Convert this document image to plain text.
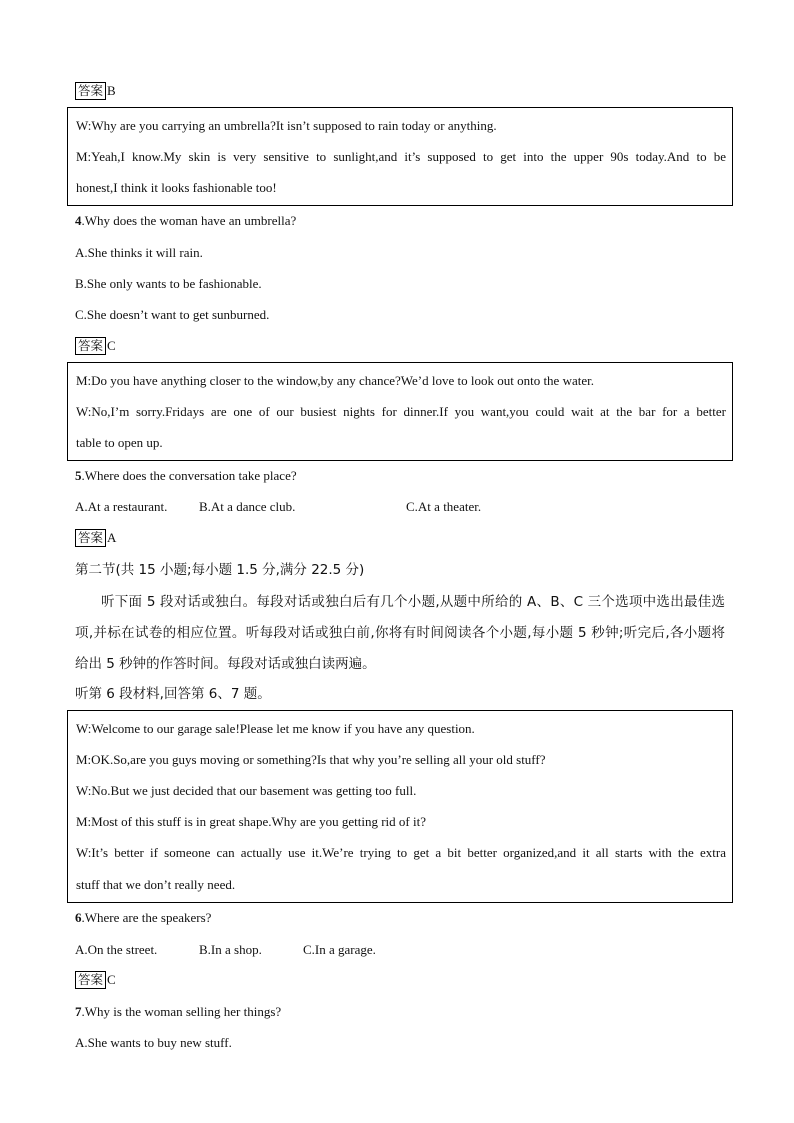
答案 B
W:Why are you carrying an umbrella?It isn’t supposed to rain today or anything.
M:Yeah,I know.My skin is very sensitive to sunlight,and it’s supposed to get into the upper 90s today.And to be
honest,I think it looks fashionable too!
4.Why does the woman have an umbrella?
A.She thinks it will rain.
B.She only wants to be fashionable.
C.She doesn’t want to get sunburned.
答案 C
M:Do you have anything closer to the window,by any chance?We’d love to look out onto the water.
W:No,I’m sorry.Fridays are one of our busiest nights for dinner.If you want,you could wait at the bar for a better
table to open up.
5.Where does the conversation take place?
A.At a restaurant. B.At a dance club.	C.At a theater.
答案 A
第二节(共 15 小题;每小题 1.5 分,满分 22.5 分)
听下面 5 段对话或独白。每段对话或独白后有几个小题,从题中所给的 A、B、C 三个选项中选出最佳选
项,并标在试卷的相应位置。听每段对话或独白前,你将有时间阅读各个小题,每小题 5 秒钟;听完后,各小题将
给出 5 秒钟的作答时间。每段对话或独白读两遍。
听第 6 段材料,回答第 6、7 题。
W:Welcome to our garage sale!Please let me know if you have any question.
M:OK.So,are you guys moving or something?Is that why you’re selling all your old stuff?
W:No.But we just decided that our basement was getting too full.
M:Most of this stuff is in great shape.Why are you getting rid of it?
W:It’s better if someone can actually use it.We’re trying to get a bit better organized,and it all starts with the extra
stuff that we don’t really need.
6.Where are the speakers?
A.On the street.	B.In a shop.	C.In a garage.
答案 C
7.Why is the woman selling her things?
A.She wants to buy new stuff.
